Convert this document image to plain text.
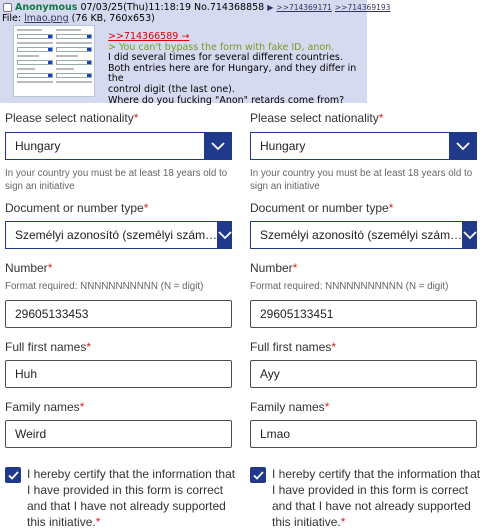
Anonymous 07/03/25(Thu)11:18:19 No.714368858 ▶ >>714369171 >>714369193
File: lmao.png (76 KB, 760x653)
>>714366589 →
> You can't bypass the form with fake ID, anon.
I did several times for several different countries.
Both entries here are for Hungary, and they differ in the
control digit (the last one).
Where do you fucking "Anon" retards come from?
Please select nationality*
Hungary
In your country you must be at least 18 years old to sign an initiative
Document or number type*
Személyi azonosító (személyi szám…
Number*
Format required: NNNNNNNNNNN (N = digit)
29605133453
Full first names*
Huh
Family names*
Weird
I hereby certify that the information that I have provided in this form is correct and that I have not already supported this initiative.*
Please select nationality*
Hungary
In your country you must be at least 18 years old to sign an initiative
Document or number type*
Személyi azonosító (személyi szám…
Number*
Format required: NNNNNNNNNNN (N = digit)
29605133451
Full first names*
Ayy
Family names*
Lmao
I hereby certify that the information that I have provided in this form is correct and that I have not already supported this initiative.*
